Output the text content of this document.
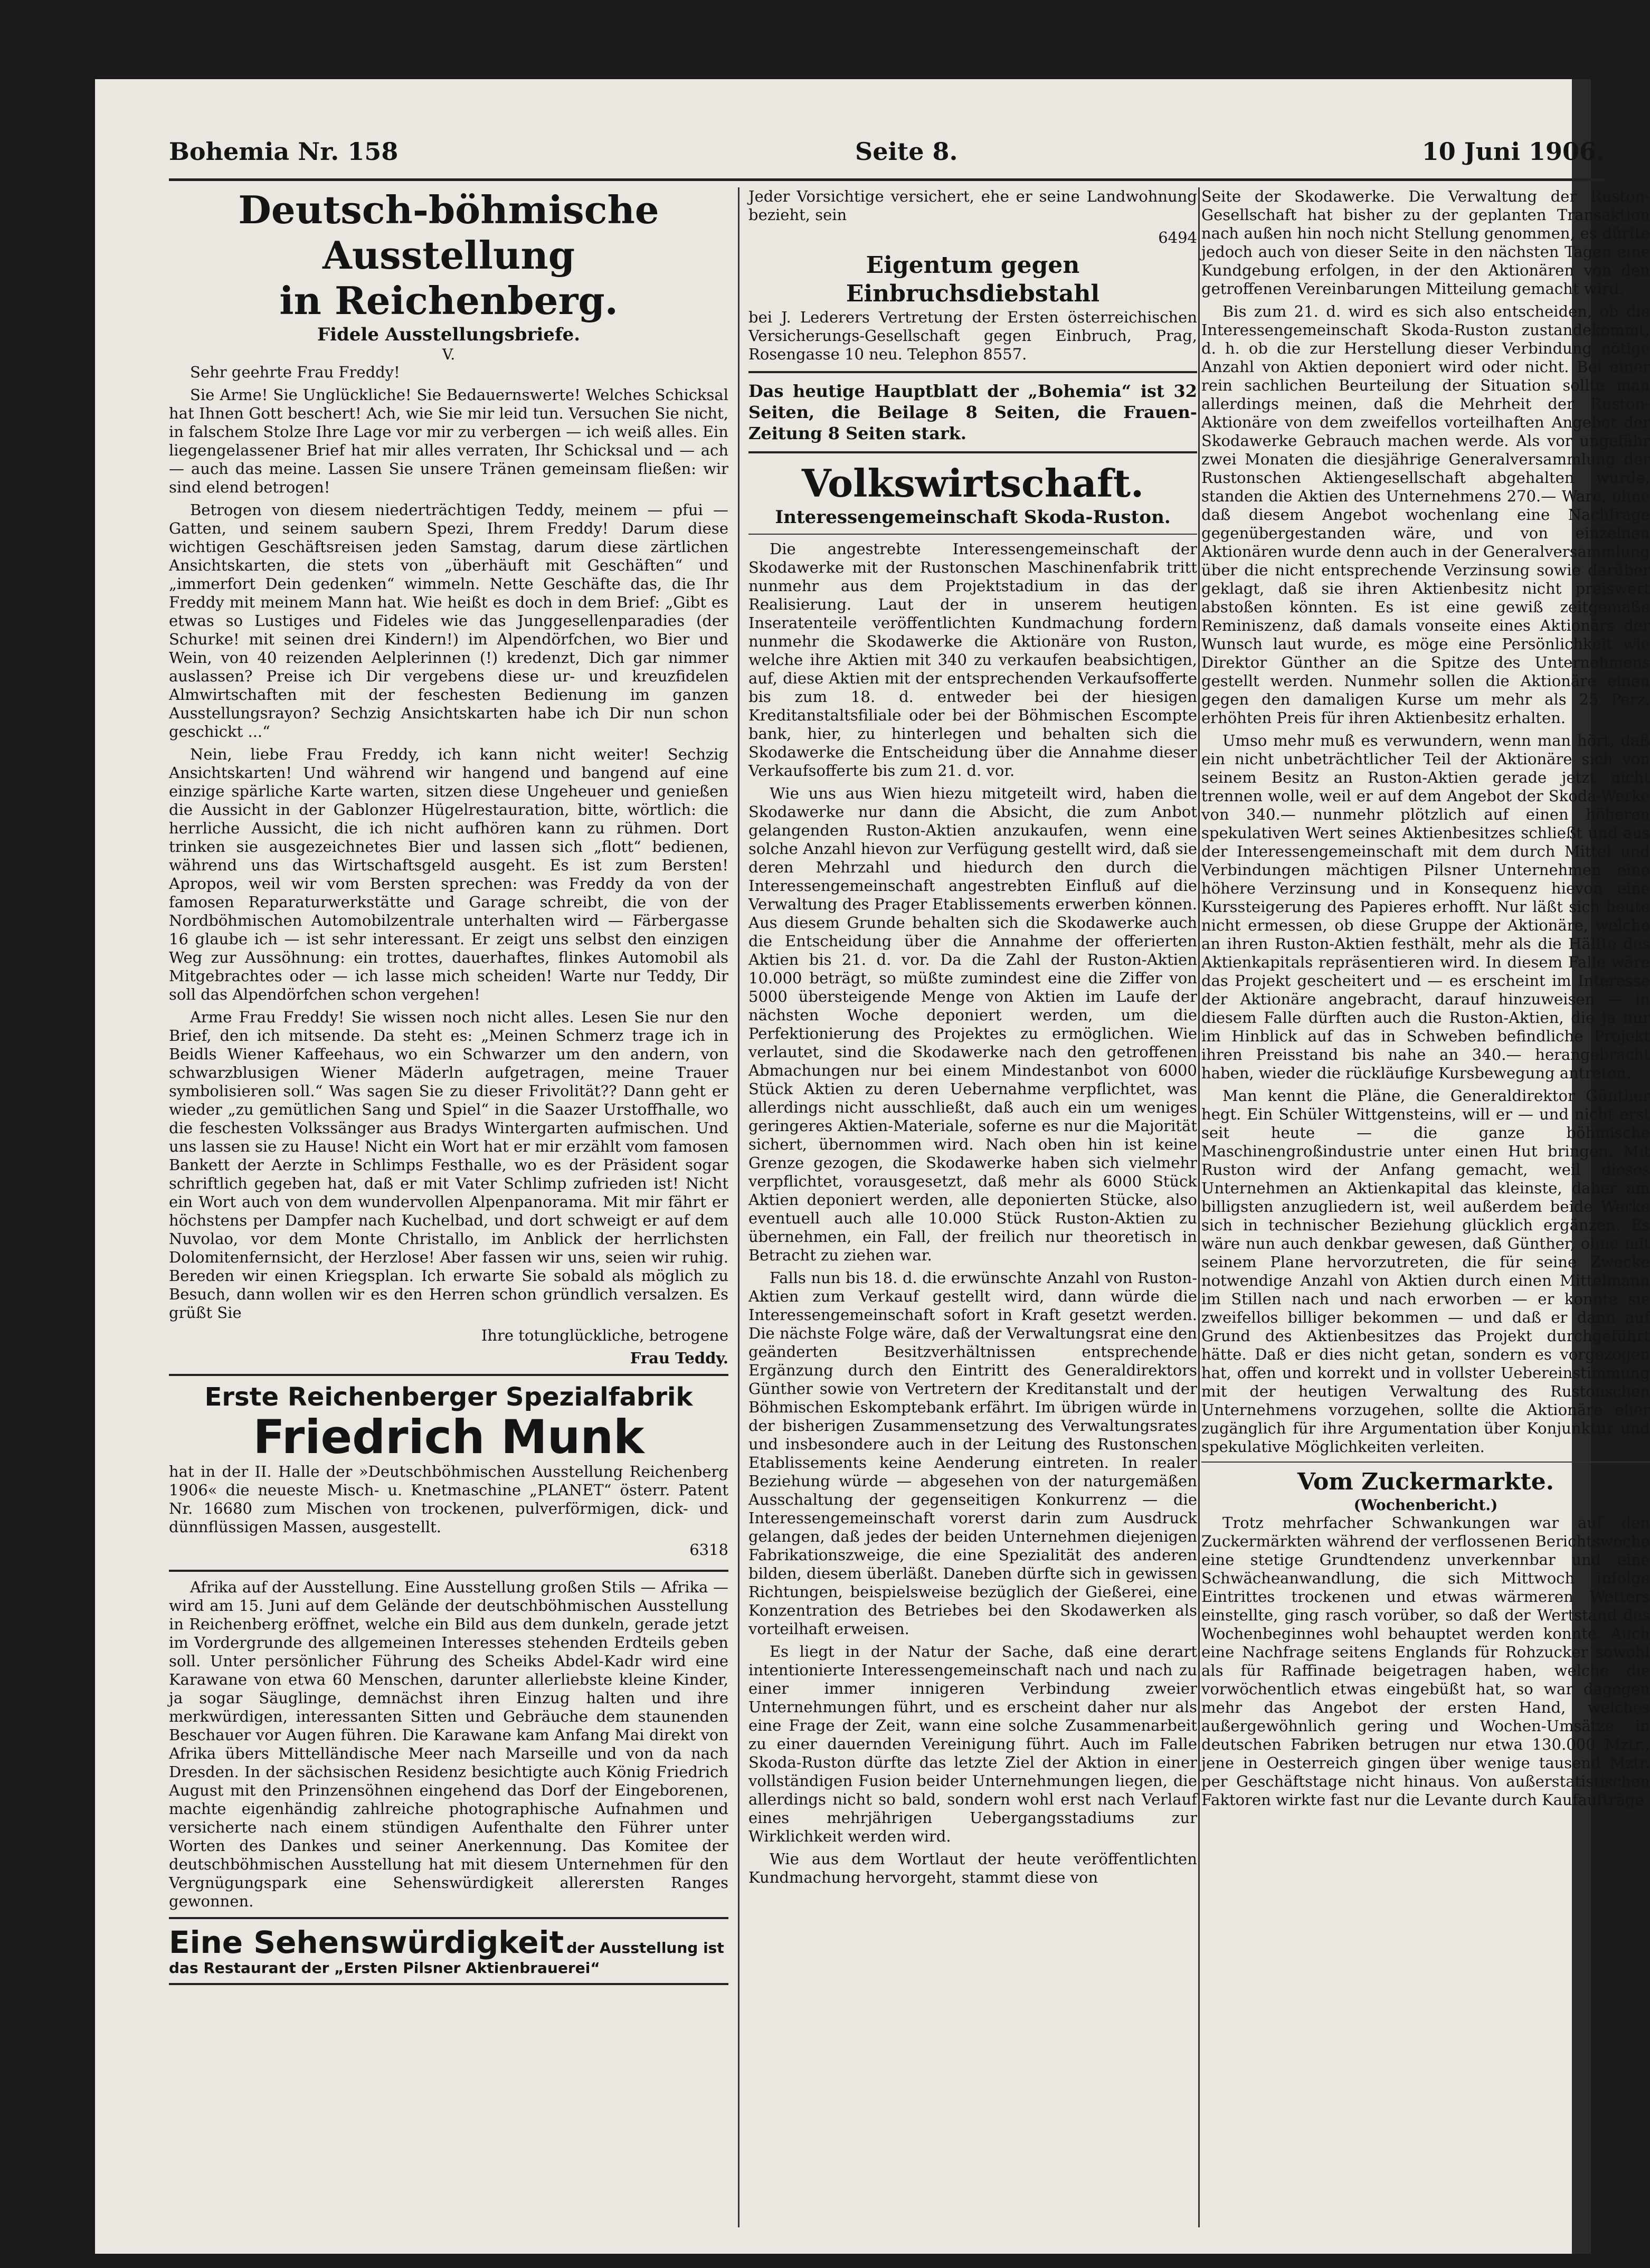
Bohemia Nr. 158	Seite 8.	10 Juni 1906.
Deutsch-böhmische Ausstellung
in Reichenberg.
Fidele Ausstellungsbriefe.
V.

Sehr geehrte Frau Freddy!

Sie Arme! Sie Unglückliche! Sie Bedauernswerte! Welches Schicksal hat Ihnen Gott beschert! Ach, wie Sie mir leid tun. Versuchen Sie nicht, in falschem Stolze Ihre Lage vor mir zu verbergen — ich weiß alles. Ein liegengelassener Brief hat mir alles verraten, Ihr Schicksal und — ach — auch das meine. Lassen Sie unsere Tränen gemeinsam fließen: wir sind elend betrogen!

Betrogen von diesem niederträchtigen Teddy, meinem — pfui — Gatten, und seinem saubern Spezi, Ihrem Freddy! Darum diese wichtigen Geschäftsreisen jeden Samstag, darum diese zärtlichen Ansichtskarten, die stets von „überhäuft mit Geschäften“ und „immerfort Dein gedenken“ wimmeln. Nette Geschäfte das, die Ihr Freddy mit meinem Mann hat. Wie heißt es doch in dem Brief: „Gibt es etwas so Lustiges und Fideles wie das Junggesellenparadies (der Schurke! mit seinen drei Kindern!) im Alpendörfchen, wo Bier und Wein, von 40 reizenden Aelplerinnen (!) kredenzt, Dich gar nimmer auslassen? Preise ich Dir vergebens diese ur- und kreuzfidelen Almwirtschaften mit der feschesten Bedienung im ganzen Ausstellungsrayon? Sechzig Ansichtskarten habe ich Dir nun schon geschickt ...“

Nein, liebe Frau Freddy, ich kann nicht weiter! Sechzig Ansichtskarten! Und während wir hangend und bangend auf eine einzige spärliche Karte warten, sitzen diese Ungeheuer und genießen die Aussicht in der Gablonzer Hügelrestauration, bitte, wörtlich: die herrliche Aussicht, die ich nicht aufhören kann zu rühmen. Dort trinken sie ausgezeichnetes Bier und lassen sich „flott“ bedienen, während uns das Wirtschaftsgeld ausgeht. Es ist zum Bersten! Apropos, weil wir vom Bersten sprechen: was Freddy da von der famosen Reparaturwerkstätte und Garage schreibt, die von der Nordböhmischen Automobilzentrale unterhalten wird — Färbergasse 16 glaube ich — ist sehr interessant. Er zeigt uns selbst den einzigen Weg zur Aussöhnung: ein trottes, dauerhaftes, flinkes Automobil als Mitgebrachtes oder — ich lasse mich scheiden! Warte nur Teddy, Dir soll das Alpendörfchen schon vergehen!

Arme Frau Freddy! Sie wissen noch nicht alles. Lesen Sie nur den Brief, den ich mitsende. Da steht es: „Meinen Schmerz trage ich in Beidls Wiener Kaffeehaus, wo ein Schwarzer um den andern, von schwarzblusigen Wiener Mäderln aufgetragen, meine Trauer symbolisieren soll.“ Was sagen Sie zu dieser Frivolität?? Dann geht er wieder „zu gemütlichen Sang und Spiel“ in die Saazer Urstoffhalle, wo die feschesten Volkssänger aus Bradys Wintergarten aufmischen. Und uns lassen sie zu Hause! Nicht ein Wort hat er mir erzählt vom famosen Bankett der Aerzte in Schlimps Festhalle, wo es der Präsident sogar schriftlich gegeben hat, daß er mit Vater Schlimp zufrieden ist! Nicht ein Wort auch von dem wundervollen Alpenpanorama. Mit mir fährt er höchstens per Dampfer nach Kuchelbad, und dort schweigt er auf dem Nuvolao, vor dem Monte Christallo, im Anblick der herrlichsten Dolomitenfernsicht, der Herzlose! Aber fassen wir uns, seien wir ruhig. Bereden wir einen Kriegsplan. Ich erwarte Sie sobald als möglich zu Besuch, dann wollen wir es den Herren schon gründlich versalzen. Es grüßt Sie

Ihre totunglückliche, betrogene

Frau Teddy.

Erste Reichenberger Spezialfabrik
Friedrich Munk

hat in der II. Halle der »Deutschböhmischen Ausstellung Reichenberg 1906« die neueste Misch- u. Knetmaschine „PLANET“ österr. Patent Nr. 16680 zum Mischen von trockenen, pulverförmigen, dick- und dünnflüssigen Massen, ausgestellt.

6318

Afrika auf der Ausstellung. Eine Ausstellung großen Stils — Afrika — wird am 15. Juni auf dem Gelände der deutschböhmischen Ausstellung in Reichenberg eröffnet, welche ein Bild aus dem dunkeln, gerade jetzt im Vordergrunde des allgemeinen Interesses stehenden Erdteils geben soll. Unter persönlicher Führung des Scheiks Abdel-Kadr wird eine Karawane von etwa 60 Menschen, darunter allerliebste kleine Kinder, ja sogar Säuglinge, demnächst ihren Einzug halten und ihre merkwürdigen, interessanten Sitten und Gebräuche dem staunenden Beschauer vor Augen führen. Die Karawane kam Anfang Mai direkt von Afrika übers Mittelländische Meer nach Marseille und von da nach Dresden. In der sächsischen Residenz besichtigte auch König Friedrich August mit den Prinzensöhnen eingehend das Dorf der Eingeborenen, machte eigenhändig zahlreiche photographische Aufnahmen und versicherte nach einem stündigen Aufenthalte den Führer unter Worten des Dankes und seiner Anerkennung. Das Komitee der deutschböhmischen Ausstellung hat mit diesem Unternehmen für den Vergnügungspark eine Sehenswürdigkeit allerersten Ranges gewonnen.

Eine Sehenswürdigkeit der Ausstellung ist das Restaurant der „Ersten Pilsner Aktienbrauerei“

Jeder Vorsichtige versichert, ehe er seine Landwohnung bezieht, sein

6494

Eigentum gegen Einbruchsdiebstahl

bei J. Lederers Vertretung der Ersten österreichischen Versicherungs-Gesellschaft gegen Einbruch, Prag, Rosengasse 10 neu. Telephon 8557.

Das heutige Hauptblatt der „Bohemia“ ist 32 Seiten, die Beilage 8 Seiten, die Frauen-Zeitung 8 Seiten stark.

Volkswirtschaft.
Interessengemeinschaft Skoda-Ruston.

Die angestrebte Interessengemeinschaft der Skodawerke mit der Rustonschen Maschinenfabrik tritt nunmehr aus dem Projektstadium in das der Realisierung. Laut der in unserem heutigen Inseratenteile veröffentlichten Kundmachung fordern nunmehr die Skodawerke die Aktionäre von Ruston, welche ihre Aktien mit 340 zu verkaufen beabsichtigen, auf, diese Aktien mit der entsprechenden Verkaufsofferte bis zum 18. d. entweder bei der hiesigen Kreditanstaltsfiliale oder bei der Böhmischen Escompte bank, hier, zu hinterlegen und behalten sich die Skodawerke die Entscheidung über die Annahme dieser Verkaufsofferte bis zum 21. d. vor.

Wie uns aus Wien hiezu mitgeteilt wird, haben die Skodawerke nur dann die Absicht, die zum Anbot gelangenden Ruston-Aktien anzukaufen, wenn eine solche Anzahl hievon zur Verfügung gestellt wird, daß sie deren Mehrzahl und hiedurch den durch die Interessengemeinschaft angestrebten Einfluß auf die Verwaltung des Prager Etablissements erwerben können. Aus diesem Grunde behalten sich die Skodawerke auch die Entscheidung über die Annahme der offerierten Aktien bis 21. d. vor. Da die Zahl der Ruston-Aktien 10.000 beträgt, so müßte zumindest eine die Ziffer von 5000 übersteigende Menge von Aktien im Laufe der nächsten Woche deponiert werden, um die Perfektionierung des Projektes zu ermöglichen. Wie verlautet, sind die Skodawerke nach den getroffenen Abmachungen nur bei einem Mindestanbot von 6000 Stück Aktien zu deren Uebernahme verpflichtet, was allerdings nicht ausschließt, daß auch ein um weniges geringeres Aktien-Materiale, soferne es nur die Majorität sichert, übernommen wird. Nach oben hin ist keine Grenze gezogen, die Skodawerke haben sich vielmehr verpflichtet, vorausgesetzt, daß mehr als 6000 Stück Aktien deponiert werden, alle deponierten Stücke, also eventuell auch alle 10.000 Stück Ruston-Aktien zu übernehmen, ein Fall, der freilich nur theoretisch in Betracht zu ziehen war.

Falls nun bis 18. d. die erwünschte Anzahl von Ruston-Aktien zum Verkauf gestellt wird, dann würde die Interessengemeinschaft sofort in Kraft gesetzt werden. Die nächste Folge wäre, daß der Verwaltungsrat eine den geänderten Besitzverhältnissen entsprechende Ergänzung durch den Eintritt des Generaldirektors Günther sowie von Vertretern der Kreditanstalt und der Böhmischen Eskomptebank erfährt. Im übrigen würde in der bisherigen Zusammensetzung des Verwaltungsrates und insbesondere auch in der Leitung des Rustonschen Etablissements keine Aenderung eintreten. In realer Beziehung würde — abgesehen von der naturgemäßen Ausschaltung der gegenseitigen Konkurrenz — die Interessengemeinschaft vorerst darin zum Ausdruck gelangen, daß jedes der beiden Unternehmen diejenigen Fabrikationszweige, die eine Spezialität des anderen bilden, diesem überläßt. Daneben dürfte sich in gewissen Richtungen, beispielsweise bezüglich der Gießerei, eine Konzentration des Betriebes bei den Skodawerken als vorteilhaft erweisen.

Es liegt in der Natur der Sache, daß eine derart intentionierte Interessengemeinschaft nach und nach zu einer immer innigeren Verbindung zweier Unternehmungen führt, und es erscheint daher nur als eine Frage der Zeit, wann eine solche Zusammenarbeit zu einer dauernden Vereinigung führt. Auch im Falle Skoda-Ruston dürfte das letzte Ziel der Aktion in einer vollständigen Fusion beider Unternehmungen liegen, die allerdings nicht so bald, sondern wohl erst nach Verlauf eines mehrjährigen Uebergangsstadiums zur Wirklichkeit werden wird.

Wie aus dem Wortlaut der heute veröffentlichten Kundmachung hervorgeht, stammt diese von

Seite der Skodawerke. Die Verwaltung der Ruston-Gesellschaft hat bisher zu der geplanten Transaktion nach außen hin noch nicht Stellung genommen, es dürfte jedoch auch von dieser Seite in den nächsten Tagen eine Kundgebung erfolgen, in der den Aktionären von den getroffenen Vereinbarungen Mitteilung gemacht wird.

Bis zum 21. d. wird es sich also entscheiden, ob die Interessengemeinschaft Skoda-Ruston zustandekommt, d. h. ob die zur Herstellung dieser Verbindung nötige Anzahl von Aktien deponiert wird oder nicht. Bei einer rein sachlichen Beurteilung der Situation sollte man allerdings meinen, daß die Mehrheit der Ruston-Aktionäre von dem zweifellos vorteilhaften Angebot der Skodawerke Gebrauch machen werde. Als vor ungefähr zwei Monaten die diesjährige Generalversammlung der Rustonschen Aktiengesellschaft abgehalten wurde, standen die Aktien des Unternehmens 270.— Ware, ohne daß diesem Angebot wochenlang eine Nachfrage gegenübergestanden wäre, und von einzelnen Aktionären wurde denn auch in der Generalversammlung über die nicht entsprechende Verzinsung sowie darüber geklagt, daß sie ihren Aktienbesitz nicht preiswert abstoßen könnten. Es ist eine gewiß zeitgemäße Reminiszenz, daß damals vonseite eines Aktionärs der Wunsch laut wurde, es möge eine Persönlichkeit wie Direktor Günther an die Spitze des Unternehmens gestellt werden. Nunmehr sollen die Aktionäre einen gegen den damaligen Kurse um mehr als 25 Perz. erhöhten Preis für ihren Aktienbesitz erhalten.

Umso mehr muß es verwundern, wenn man hört, daß ein nicht unbeträchtlicher Teil der Aktionäre sich von seinem Besitz an Ruston-Aktien gerade jetzt nicht trennen wolle, weil er auf dem Angebot der Skoda-Werke von 340.— nunmehr plötzlich auf einen höheren spekulativen Wert seines Aktienbesitzes schließt und aus der Interessengemeinschaft mit dem durch Mittel und Verbindungen mächtigen Pilsner Unternehmen eine höhere Verzinsung und in Konsequenz hievon eine Kurssteigerung des Papieres erhofft. Nur läßt sich heute nicht ermessen, ob diese Gruppe der Aktionäre, welche an ihren Ruston-Aktien festhält, mehr als die Hälfte des Aktienkapitals repräsentieren wird. In diesem Falle wäre das Projekt gescheitert und — es erscheint im Interesse der Aktionäre angebracht, darauf hinzuweisen — in diesem Falle dürften auch die Ruston-Aktien, die ja nur im Hinblick auf das in Schweben befindliche Projekt ihren Preisstand bis nahe an 340.— herangebracht haben, wieder die rückläufige Kursbewegung antreten.

Man kennt die Pläne, die Generaldirektor Günther hegt. Ein Schüler Wittgensteins, will er — und nicht erst seit heute — die ganze böhmische Maschinengroßindustrie unter einen Hut bringen. Mit Ruston wird der Anfang gemacht, weil dieses Unternehmen an Aktienkapital das kleinste, daher am billigsten anzugliedern ist, weil außerdem beide Werke sich in technischer Beziehung glücklich ergänzen. Es wäre nun auch denkbar gewesen, daß Günther, ohne mit seinem Plane hervorzutreten, die für seine Zwecke notwendige Anzahl von Aktien durch einen Mittelmann im Stillen nach und nach erworben — er konnte sie zweifellos billiger bekommen — und daß er dann auf Grund des Aktienbesitzes das Projekt durchgeführt hätte. Daß er dies nicht getan, sondern es vorgezogen hat, offen und korrekt und in vollster Uebereinstimmung mit der heutigen Verwaltung des Rustonschen Unternehmens vorzugehen, sollte die Aktionäre eher zugänglich für ihre Argumentation über Konjunktur und spekulative Möglichkeiten verleiten.

Vom Zuckermarkte.
(Wochenbericht.)

Trotz mehrfacher Schwankungen war auf den Zuckermärkten während der verflossenen Berichtswoche eine stetige Grundtendenz unverkennbar und eine Schwächeanwandlung, die sich Mittwoch infolge Eintrittes trockenen und etwas wärmeren Wetters einstellte, ging rasch vorüber, so daß der Wertstand des Wochenbeginnes wohl behauptet werden konnte. Auch eine Nachfrage seitens Englands für Rohzucker sowohl als für Raffinade beigetragen haben, welche die vorwöchentlich etwas eingebüßt hat, so war dagegen mehr das Angebot der ersten Hand, welches außergewöhnlich gering und Wochen-Umsätze in deutschen Fabriken betrugen nur etwa 130.000 Mztr., jene in Oesterreich gingen über wenige tausend Mztr. per Geschäftstage nicht hinaus. Von außerstatistischen Faktoren wirkte fast nur die Levante durch Kaufaufträge
